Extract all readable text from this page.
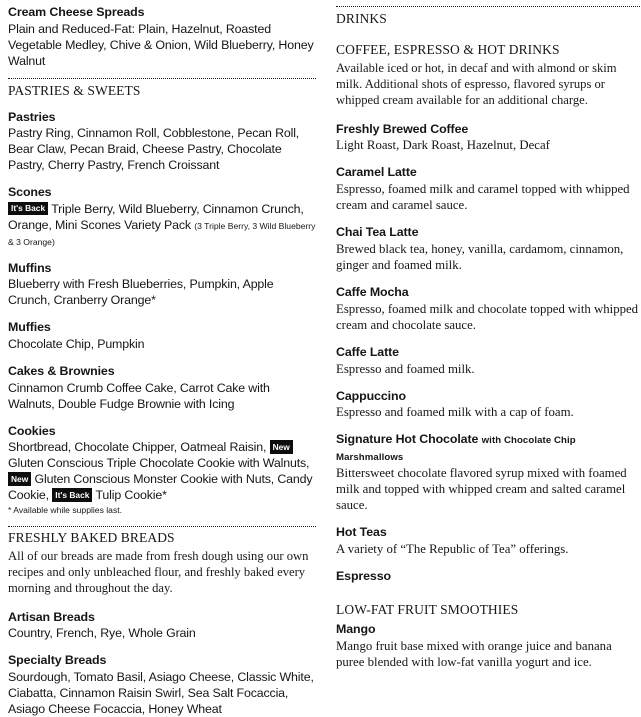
Cream Cheese Spreads
Plain and Reduced-Fat: Plain, Hazelnut, Roasted Vegetable Medley, Chive & Onion, Wild Blueberry, Honey Walnut
PASTRIES & SWEETS
Pastries
Pastry Ring, Cinnamon Roll, Cobblestone, Pecan Roll, Bear Claw, Pecan Braid, Cheese Pastry, Chocolate Pastry, Cherry Pastry, French Croissant
Scones
It's Back Triple Berry, Wild Blueberry, Cinnamon Crunch, Orange, Mini Scones Variety Pack (3 Triple Berry, 3 Wild Blueberry & 3 Orange)
Muffins
Blueberry with Fresh Blueberries, Pumpkin, Apple Crunch, Cranberry Orange*
Muffies
Chocolate Chip, Pumpkin
Cakes & Brownies
Cinnamon Crumb Coffee Cake, Carrot Cake with Walnuts, Double Fudge Brownie with Icing
Cookies
Shortbread, Chocolate Chipper, Oatmeal Raisin, New Gluten Conscious Triple Chocolate Cookie with Walnuts, New Gluten Conscious Monster Cookie with Nuts, Candy Cookie, It's Back Tulip Cookie*
* Available while supplies last.
FRESHLY BAKED BREADS
All of our breads are made from fresh dough using our own recipes and only unbleached flour, and freshly baked every morning and throughout the day.
Artisan Breads
Country, French, Rye, Whole Grain
Specialty Breads
Sourdough, Tomato Basil, Asiago Cheese, Classic White, Ciabatta, Cinnamon Raisin Swirl, Sea Salt Focaccia, Asiago Cheese Focaccia, Honey Wheat
DRINKS
COFFEE, ESPRESSO & HOT DRINKS
Available iced or hot, in decaf and with almond or skim milk. Additional shots of espresso, flavored syrups or whipped cream available for an additional charge.
Freshly Brewed Coffee
Light Roast, Dark Roast, Hazelnut, Decaf
Caramel Latte
Espresso, foamed milk and caramel topped with whipped cream and caramel sauce.
Chai Tea Latte
Brewed black tea, honey, vanilla, cardamom, cinnamon, ginger and foamed milk.
Caffe Mocha
Espresso, foamed milk and chocolate topped with whipped cream and chocolate sauce.
Caffe Latte
Espresso and foamed milk.
Cappuccino
Espresso and foamed milk with a cap of foam.
Signature Hot Chocolate with Chocolate Chip Marshmallows
Bittersweet chocolate flavored syrup mixed with foamed milk and topped with whipped cream and salted caramel sauce.
Hot Teas
A variety of “The Republic of Tea” offerings.
Espresso
LOW-FAT FRUIT SMOOTHIES
Mango
Mango fruit base mixed with orange juice and banana puree blended with low-fat vanilla yogurt and ice.
